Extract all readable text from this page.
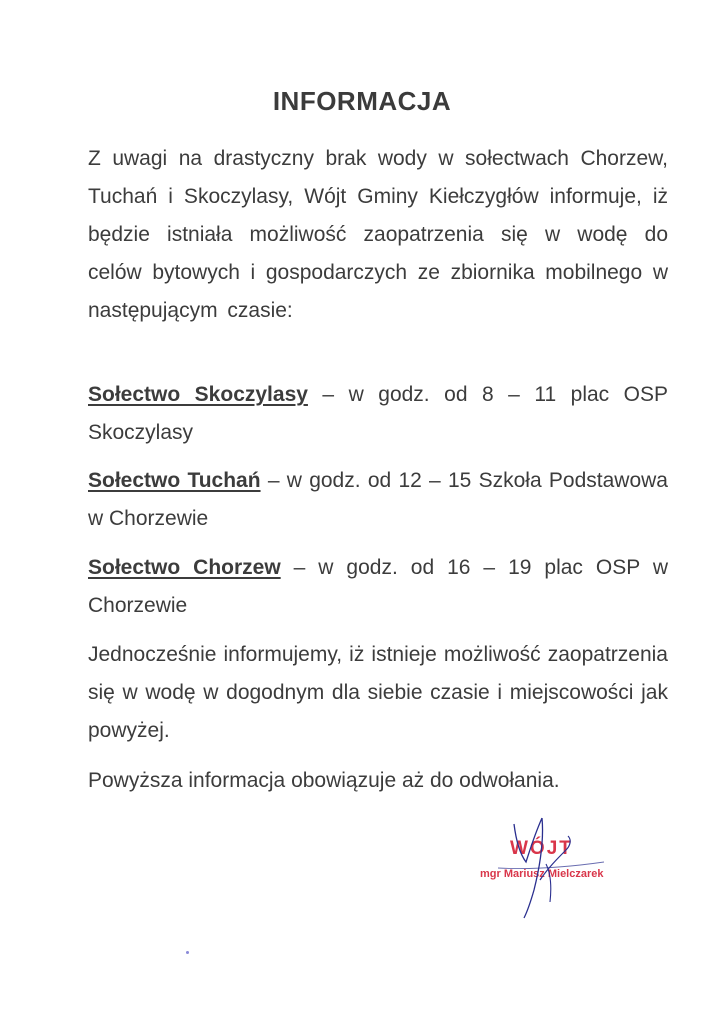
INFORMACJA
Z uwagi na drastyczny brak wody w sołectwach Chorzew, Tuchań i Skoczylasy, Wójt Gminy Kiełczygłów informuje, iż będzie istniała możliwość zaopatrzenia się w wodę do celów bytowych i gospodarczych ze zbiornika mobilnego w następującym czasie:
Sołectwo Skoczylasy – w godz. od 8 – 11 plac OSP Skoczylasy
Sołectwo Tuchań – w godz. od 12 – 15 Szkoła Podstawowa w Chorzewie
Sołectwo Chorzew – w godz. od 16 – 19 plac OSP w Chorzewie
Jednocześnie informujemy, iż istnieje możliwość zaopatrzenia się w wodę w dogodnym dla siebie czasie i miejscowości jak powyżej.
Powyższa informacja obowiązuje aż do odwołania.
WÓJT
mgr Mariusz Mielczarek
